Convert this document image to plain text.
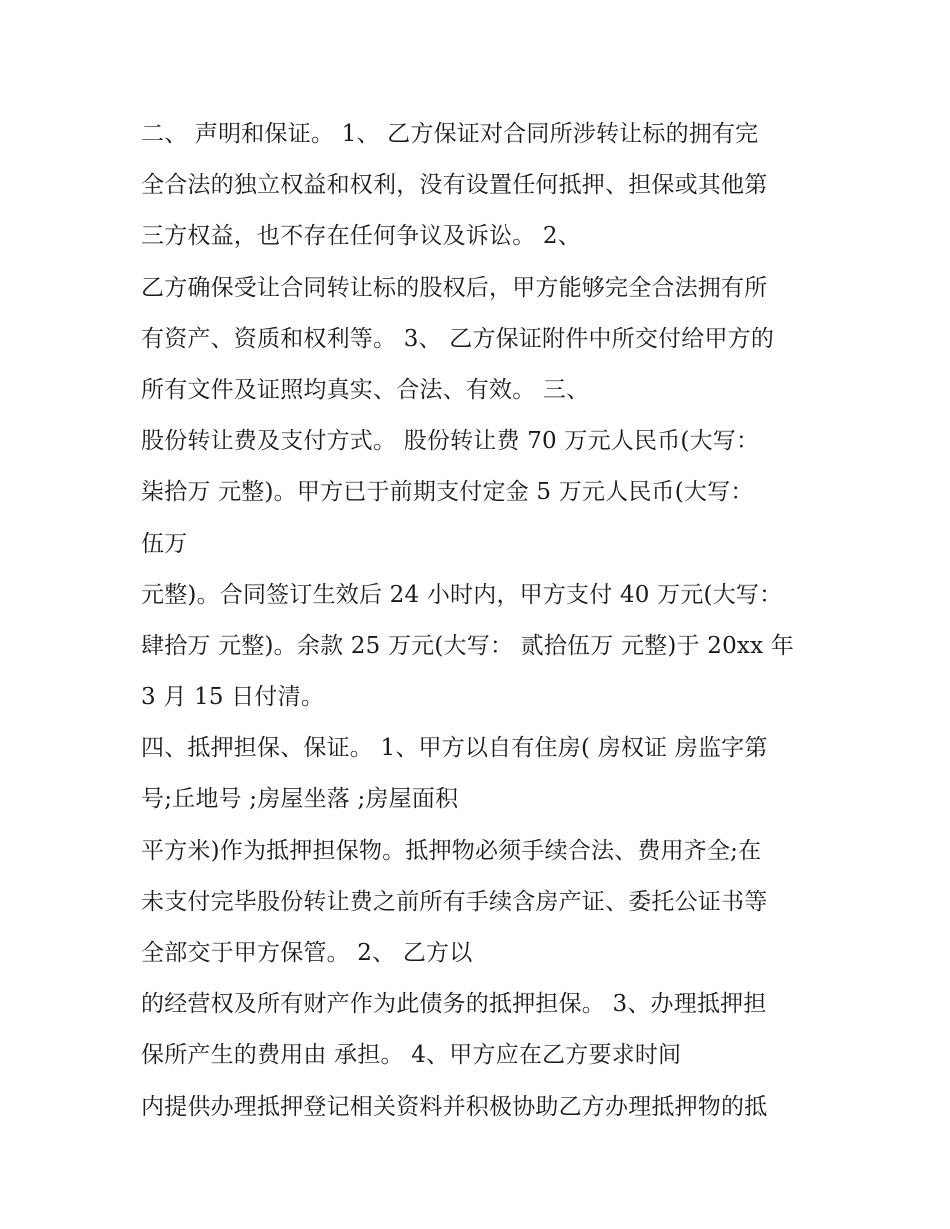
二、 声明和保证。 1、 乙方保证对合同所涉转让标的拥有完
全合法的独立权益和权利，没有设置任何抵押、担保或其他第
三方权益，也不存在任何争议及诉讼。 2、
乙方确保受让合同转让标的股权后，甲方能够完全合法拥有所
有资产、资质和权利等。 3、 乙方保证附件中所交付给甲方的
所有文件及证照均真实、合法、有效。 三、
股份转让费及支付方式。 股份转让费 70 万元人民币(大写：
柒拾万 元整)。甲方已于前期支付定金 5 万元人民币(大写：
伍万
元整)。合同签订生效后 24 小时内，甲方支付 40 万元(大写：
肆拾万 元整)。余款 25 万元(大写： 贰拾伍万 元整)于 20xx 年
3 月 15 日付清。
四、抵押担保、保证。 1、甲方以自有住房( 房权证 房监字第
号;丘地号 ;房屋坐落 ;房屋面积
平方米)作为抵押担保物。抵押物必须手续合法、费用齐全;在
未支付完毕股份转让费之前所有手续含房产证、委托公证书等
全部交于甲方保管。 2、 乙方以
的经营权及所有财产作为此债务的抵押担保。 3、办理抵押担
保所产生的费用由 承担。 4、甲方应在乙方要求时间
内提供办理抵押登记相关资料并积极协助乙方办理抵押物的抵
